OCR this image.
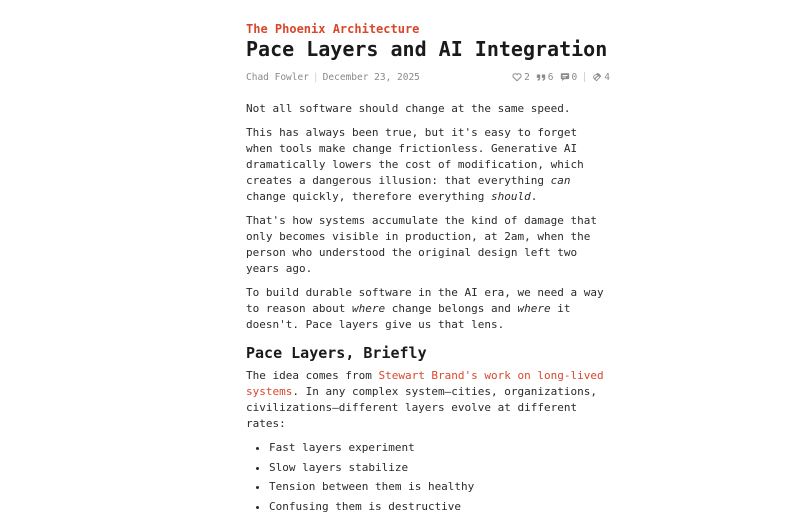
The Phoenix Architecture
Pace Layers and AI Integration
Chad Fowler | December 23, 2025	2 6 0	4

Not all software should change at the same speed.

This has always been true, but it's easy to forget when tools make change frictionless. Generative AI dramatically lowers the cost of modification, which creates a dangerous illusion: that everything can change quickly, therefore everything should.

That's how systems accumulate the kind of damage that only becomes visible in production, at 2am, when the person who understood the original design left two years ago.

To build durable software in the AI era, we need a way to reason about where change belongs and where it doesn't. Pace layers give us that lens.

Pace Layers, Briefly

The idea comes from Stewart Brand's work on long-lived systems. In any complex system—cities, organizations, civilizations—different layers evolve at different rates:

• Fast layers experiment
• Slow layers stabilize
• Tension between them is healthy
• Confusing them is destructive
